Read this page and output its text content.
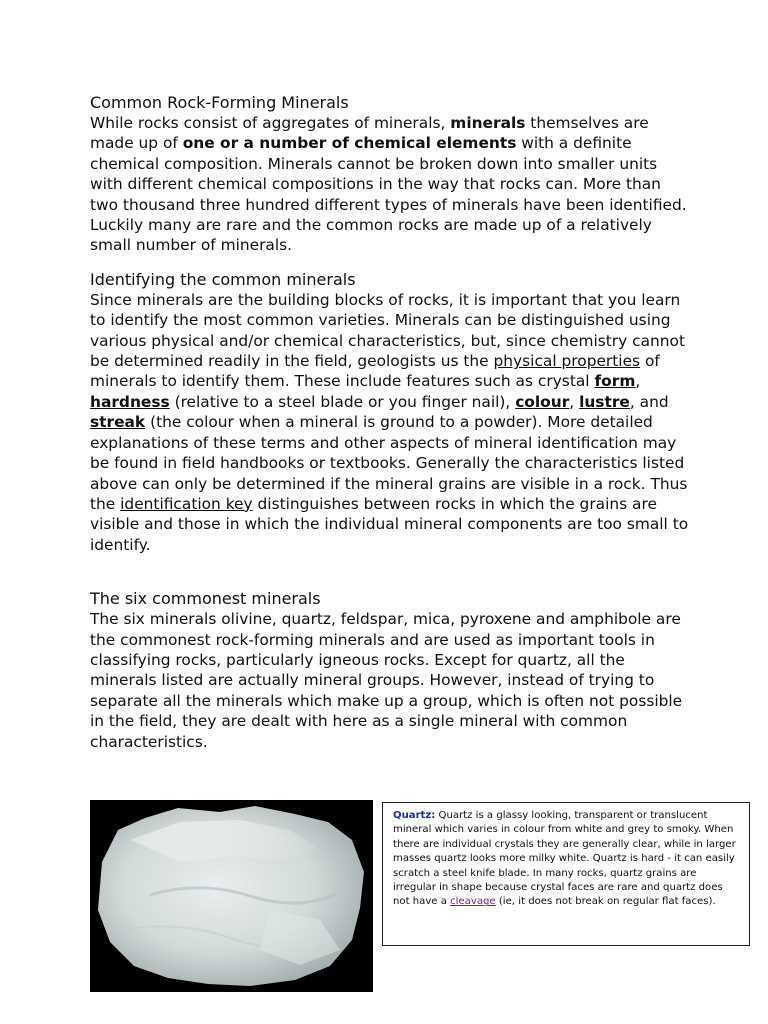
Common Rock-Forming Minerals

While rocks consist of aggregates of minerals, minerals themselves are made up of one or a number of chemical elements with a definite chemical composition. Minerals cannot be broken down into smaller units with different chemical compositions in the way that rocks can. More than two thousand three hundred different types of minerals have been identified. Luckily many are rare and the common rocks are made up of a relatively small number of minerals.

Identifying the common minerals

Since minerals are the building blocks of rocks, it is important that you learn to identify the most common varieties. Minerals can be distinguished using various physical and/or chemical characteristics, but, since chemistry cannot be determined readily in the field, geologists us the physical properties of minerals to identify them. These include features such as crystal form, hardness (relative to a steel blade or you finger nail), colour, lustre, and streak (the colour when a mineral is ground to a powder). More detailed explanations of these terms and other aspects of mineral identification may be found in field handbooks or textbooks. Generally the characteristics listed above can only be determined if the mineral grains are visible in a rock. Thus the identification key distinguishes between rocks in which the grains are visible and those in which the individual mineral components are too small to identify.

The six commonest minerals

The six minerals olivine, quartz, feldspar, mica, pyroxene and amphibole are the commonest rock-forming minerals and are used as important tools in classifying rocks, particularly igneous rocks. Except for quartz, all the minerals listed are actually mineral groups. However, instead of trying to separate all the minerals which make up a group, which is often not possible in the field, they are dealt with here as a single mineral with common characteristics.

Quartz: Quartz is a glassy looking, transparent or translucent mineral which varies in colour from white and grey to smoky. When there are individual crystals they are generally clear, while in larger masses quartz looks more milky white. Quartz is hard - it can easily scratch a steel knife blade. In many rocks, quartz grains are irregular in shape because crystal faces are rare and quartz does not have a cleavage (ie, it does not break on regular flat faces).
